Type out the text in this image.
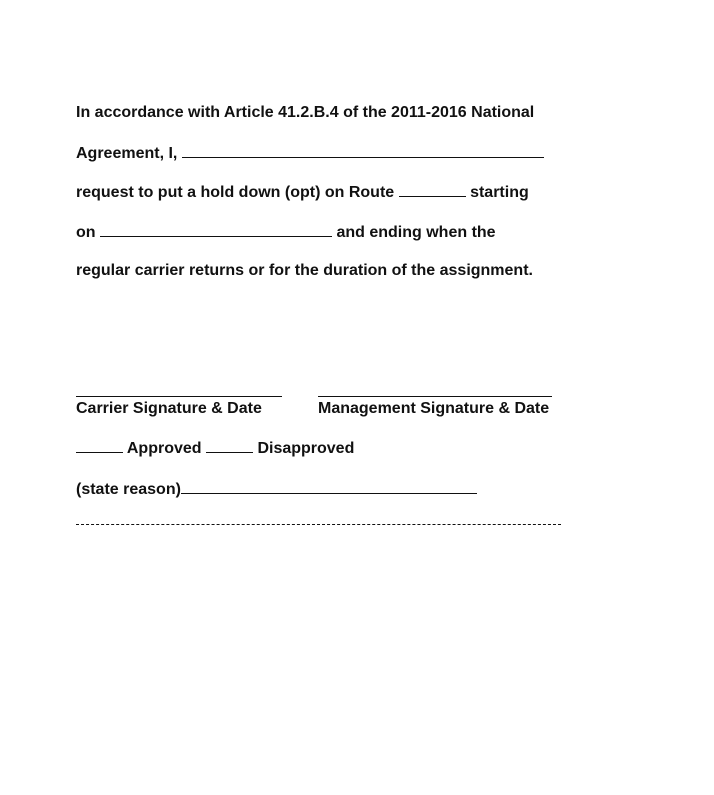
In accordance with Article 41.2.B.4 of the 2011-2016 National
Agreement, I,
request to put a hold down (opt) on Route	starting
on	and ending when the
regular carrier returns or for the duration of the assignment.
Carrier Signature & Date	Management Signature & Date
Approved	Disapproved
(state reason)
